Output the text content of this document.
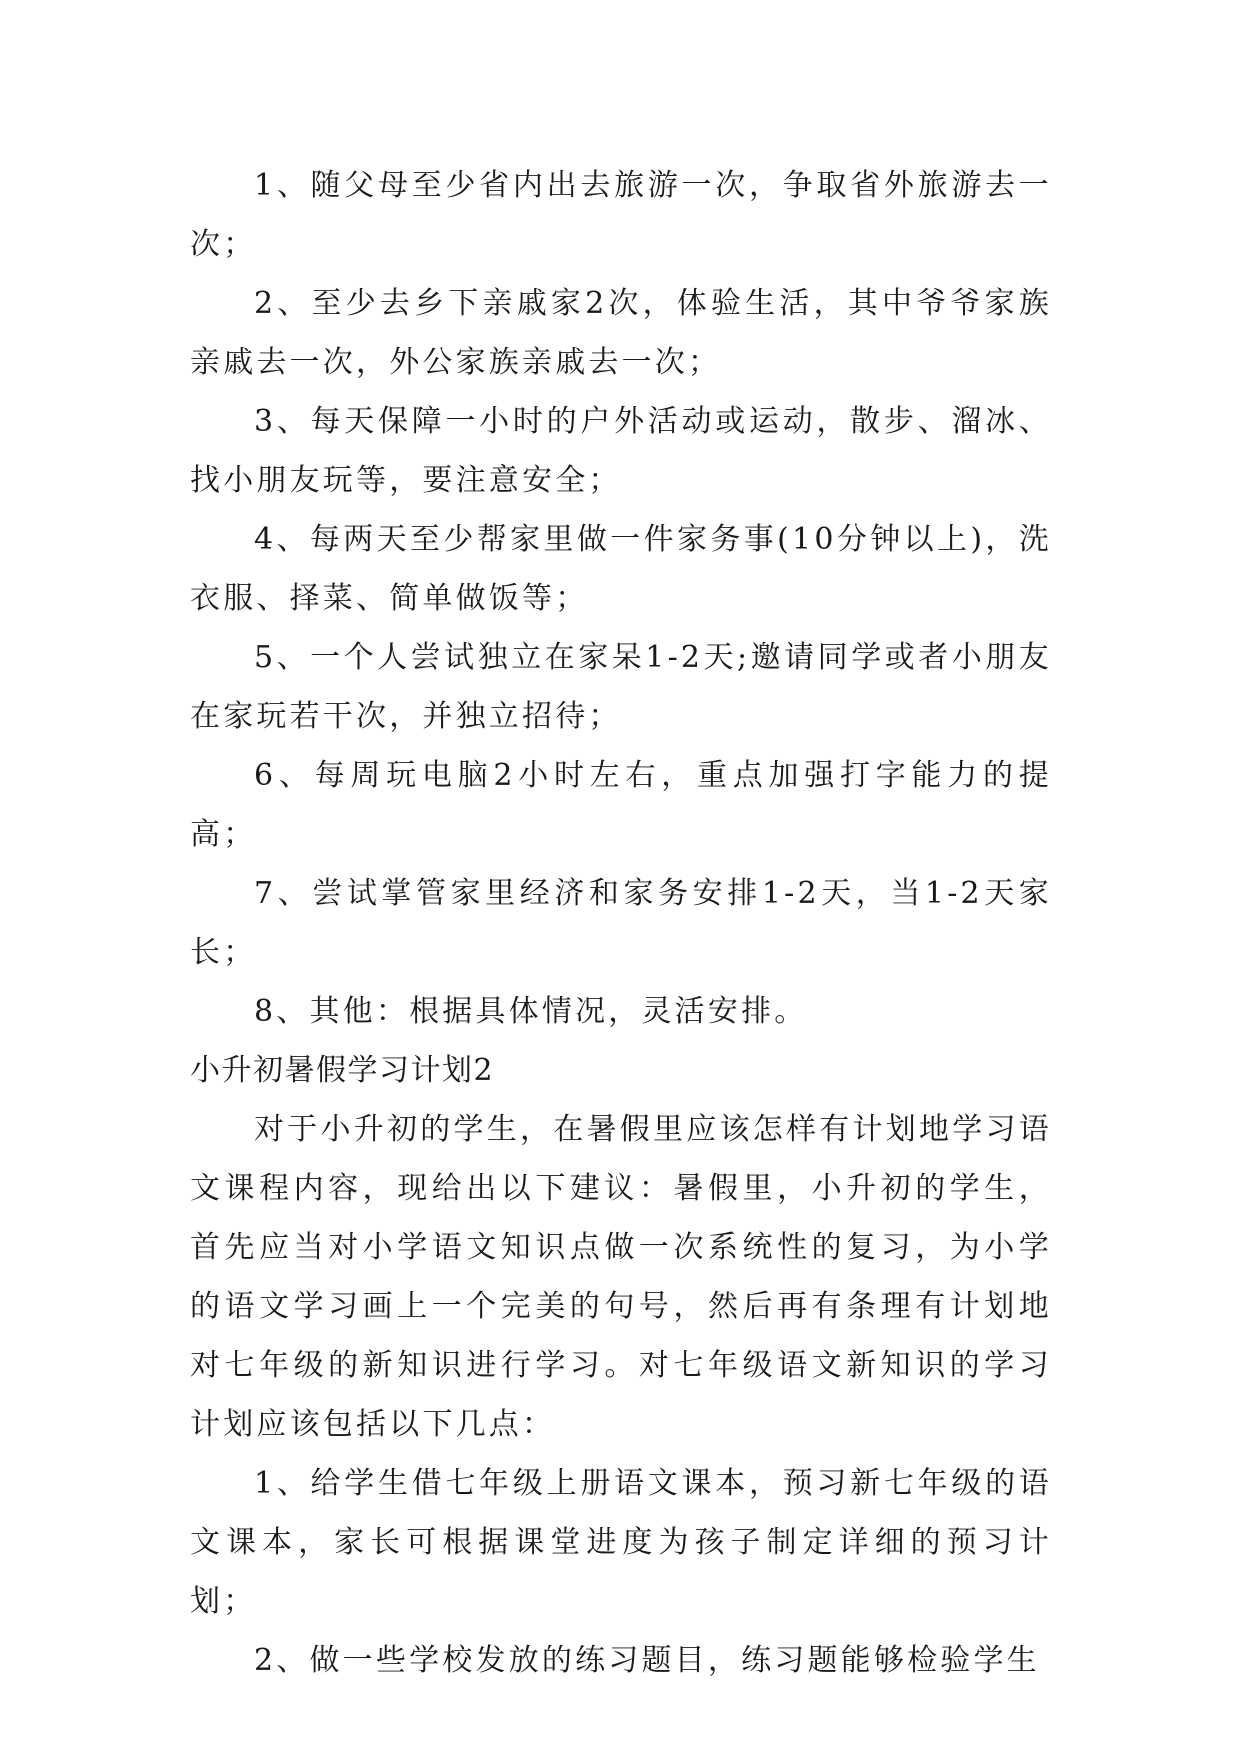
1、随父母至少省内出去旅游一次，争取省外旅游去一次；

2、至少去乡下亲戚家2次，体验生活，其中爷爷家族亲戚去一次，外公家族亲戚去一次；

3、每天保障一小时的户外活动或运动，散步、溜冰、找小朋友玩等，要注意安全；

4、每两天至少帮家里做一件家务事(10分钟以上)，洗衣服、择菜、简单做饭等；

5、一个人尝试独立在家呆1-2天;邀请同学或者小朋友在家玩若干次，并独立招待；

6、每周玩电脑2小时左右，重点加强打字能力的提高；

7、尝试掌管家里经济和家务安排1-2天，当1-2天家长；

8、其他：根据具体情况，灵活安排。

小升初暑假学习计划2

对于小升初的学生，在暑假里应该怎样有计划地学习语文课程内容，现给出以下建议：暑假里，小升初的学生，首先应当对小学语文知识点做一次系统性的复习，为小学的语文学习画上一个完美的句号，然后再有条理有计划地对七年级的新知识进行学习。对七年级语文新知识的学习计划应该包括以下几点：

1、给学生借七年级上册语文课本，预习新七年级的语文课本，家长可根据课堂进度为孩子制定详细的预习计划；

2、做一些学校发放的练习题目，练习题能够检验学生
